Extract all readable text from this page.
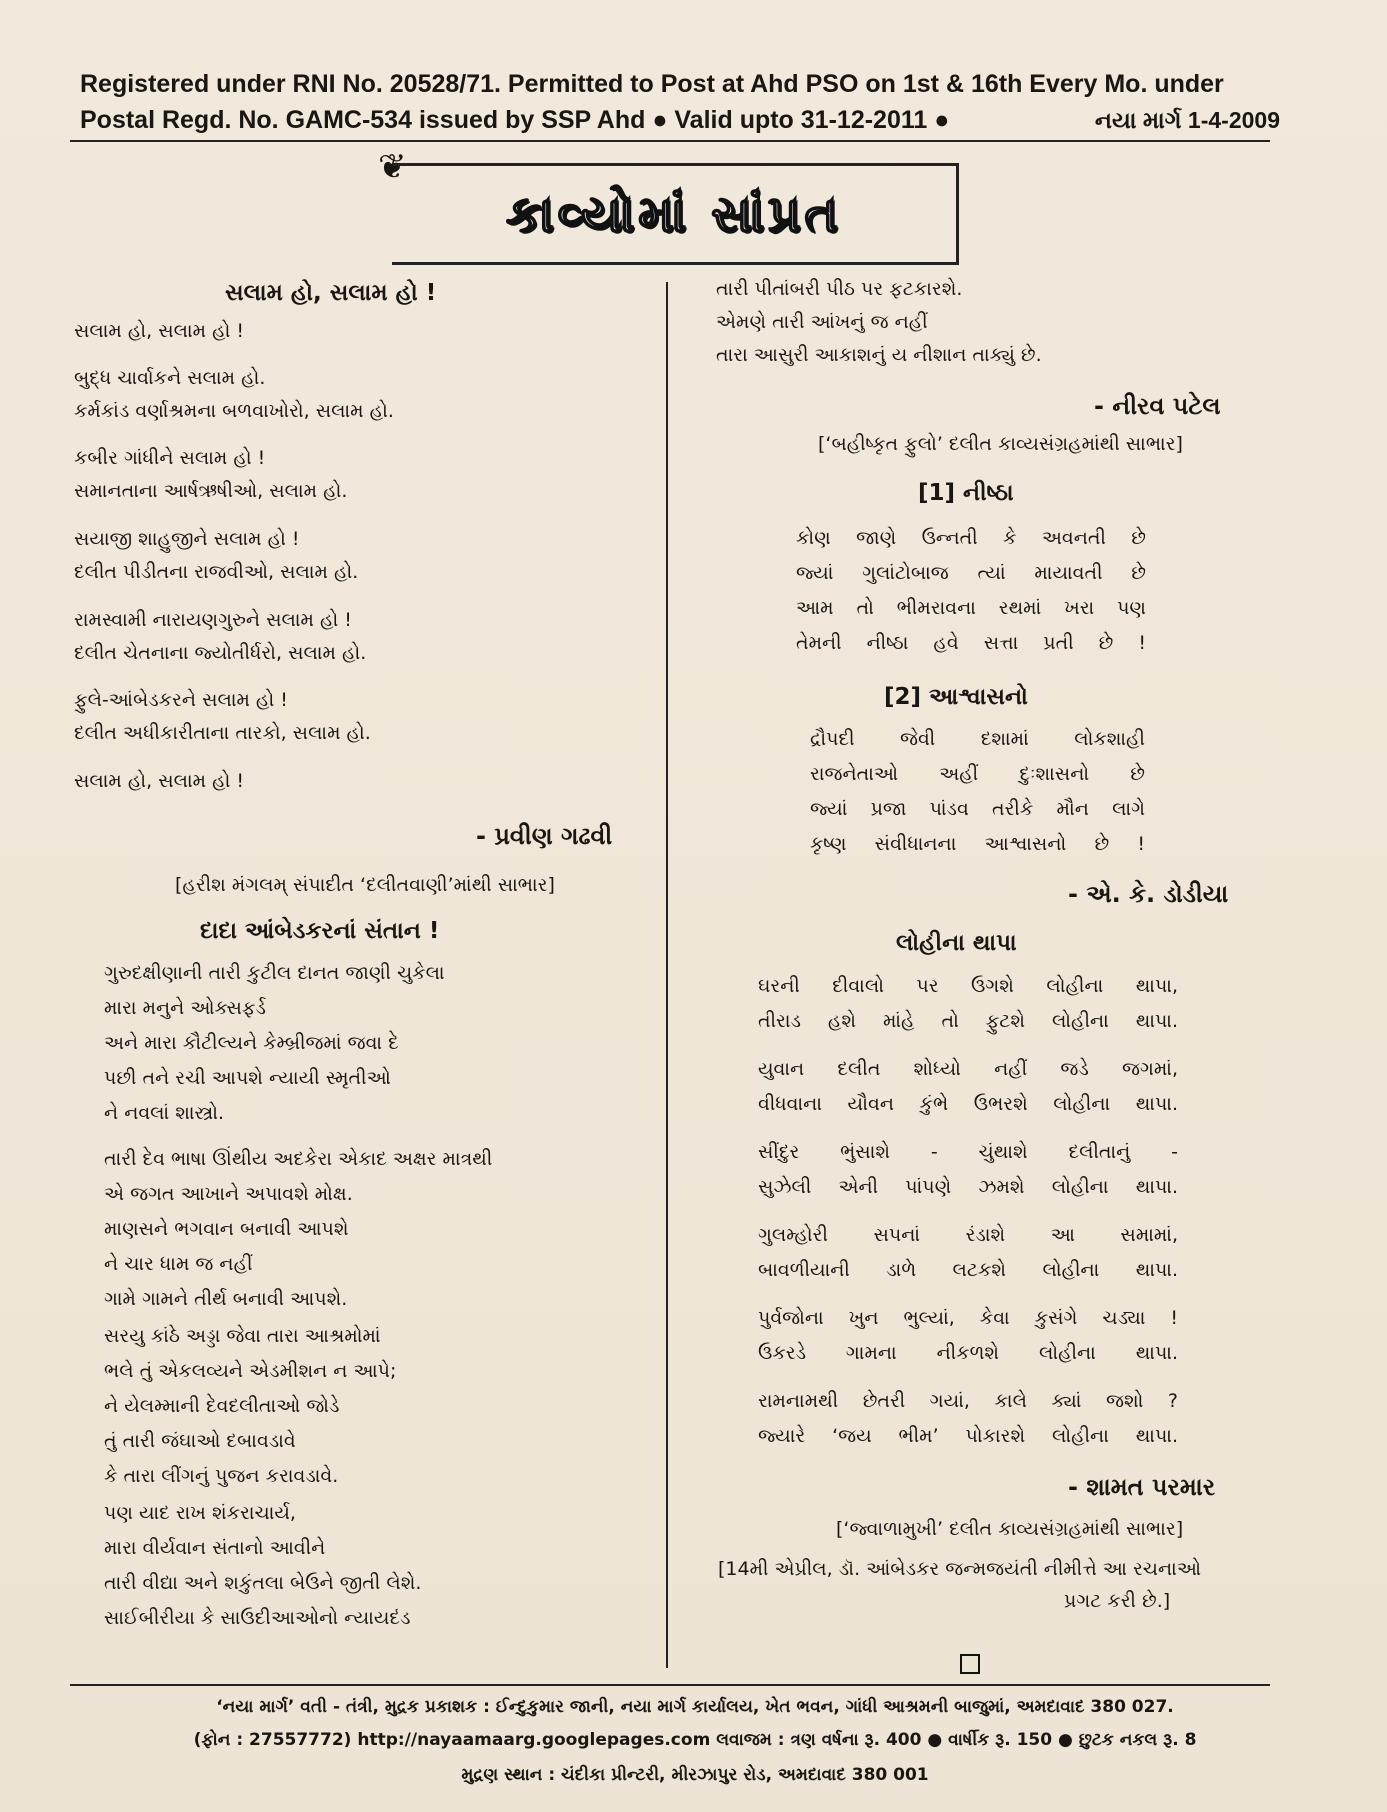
Registered under RNI No. 20528/71. Permitted to Post at Ahd PSO on 1st & 16th Every Mo. under
Postal Regd. No. GAMC-534 issued by SSP Ahd ● Valid upto 31-12-2011 ●	નયા માર્ગ 1-4-2009
❦
કાવ્યોમાં સાંપ્રત
સલામ હો, સલામ હો !
સલામ હો, સલામ હો !
બુદ્ધ ચાર્વાકને સલામ હો.
કર્મકાંડ વર્ણાશ્રમના બળવાખોરો, સલામ હો.
કબીર ગાંધીને સલામ હો !
સમાનતાના આર્ષઋષીઓ, સલામ હો.
સયાજી શાહુજીને સલામ હો !
દલીત પીડીતના રાજવીઓ, સલામ હો.
રામસ્વામી નારાયણગુરુને સલામ હો !
દલીત ચેતનાના જ્યોતીર્ધરો, સલામ હો.
ફુલે-આંબેડકરને સલામ હો !
દલીત અધીકારીતાના તારકો, સલામ હો.
સલામ હો, સલામ હો !
- પ્રવીણ ગઢવી
[હરીશ મંગલમ્ સંપાદીત ‘દલીતવાણી’માંથી સાભાર]
દાદા આંબેડકરનાં સંતાન !
ગુરુદક્ષીણાની તારી કુટીલ દાનત જાણી ચુકેલા
મારા મનુને ઓક્સફર્ડ
અને મારા કૌટીલ્યને કેમ્બ્રીજમાં જવા દે
પછી તને રચી આપશે ન્યાયી સ્મૃતીઓ
ને નવલાં શાસ્ત્રો.
તારી દેવ ભાષા ઊંથીય અદકેરા એકાદ અક્ષર માત્રથી
એ જગત આખાને અપાવશે મોક્ષ.
માણસને ભગવાન બનાવી આપશે
ને ચાર ધામ જ નહીં
ગામે ગામને તીર્થ બનાવી આપશે.
સરયુ કાંઠે અડ્ડા જેવા તારા આશ્રમોમાં
ભલે તું એકલવ્યને એડમીશન ન આપે;
ને યેલમ્માની દેવદલીતાઓ જોડે
તું તારી જંઘાઓ દબાવડાવે
કે તારા લીંગનું પુજન કરાવડાવે.
પણ યાદ રાખ શંકરાચાર્ય,
મારા વીર્યવાન સંતાનો આવીને
તારી વીદ્યા અને શકુંતલા બેઉને જીતી લેશે.
સાઈબીરીયા કે સાઉદીઆઓનો ન્યાયદંડ
તારી પીતાંબરી પીઠ પર ફટકારશે.
એમણે તારી આંખનું જ નહીં
તારા આસુરી આકાશનું ય નીશાન તાક્યું છે.
- નીરવ પટેલ
[‘બહીષ્કૃત ફુલો’ દલીત કાવ્યસંગ્રહમાંથી સાભાર]
[1] નીષ્ઠા
કોણ જાણે ઉન્નતી કે અવનતી છે
જ્યાં ગુલાંટોબાજ ત્યાં માયાવતી છે
આમ તો ભીમરાવના રથમાં ખરા પણ
તેમની નીષ્ઠા હવે સત્તા પ્રતી છે !
[2] આશ્વાસનો
દ્રૌપદી જેવી દશામાં લોકશાહી
રાજનેતાઓ અહીં દુઃશાસનો છે
જ્યાં પ્રજા પાંડવ તરીકે મૌન લાગે
કૃષ્ણ સંવીધાનના આશ્વાસનો છે !
- એ. કે. ડોડીયા
લોહીના થાપા
ઘરની દીવાલો પર ઉગશે લોહીના થાપા,
તીરાડ હશે માંહે તો ફુટશે લોહીના થાપા.
યુવાન દલીત શોધ્યો નહીં જડે જગમાં,
વીધવાના યૌવન કુંભે ઉભરશે લોહીના થાપા.
સીંદુર ભુંસાશે - ચુંથાશે દલીતાનું -
સુઝેલી એની પાંપણે ઝમશે લોહીના થાપા.
ગુલમ્હોરી સપનાં રંડાશે આ સમામાં,
બાવળીયાની ડાળે લટકશે લોહીના થાપા.
પુર્વજોના ખુન ભુલ્યાં, કેવા કુસંગે ચડ્યા !
ઉકરડે ગામના નીકળશે લોહીના થાપા.
રામનામથી છેતરી ગયાં, કાલે ક્યાં જશો ?
જ્યારે ‘જય ભીમ’ પોકારશે લોહીના થાપા.
- શામત પરમાર
[‘જ્વાળામુખી’ દલીત કાવ્યસંગ્રહમાંથી સાભાર]
[14મી એપ્રીલ, ડૉ. આંબેડકર જન્મજયંતી નીમીત્તે આ રચનાઓ
પ્રગટ કરી છે.]
‘નયા માર્ગ’ વતી - તંત્રી, મુદ્રક પ્રકાશક : ઈન્દુકુમાર જાની, નયા માર્ગ કાર્યાલય, ખેત ભવન, ગાંધી આશ્રમની બાજુમાં, અમદાવાદ 380 027.
(ફોન : 27557772) http://nayaamaarg.googlepages.com લવાજમ : ત્રણ વર્ષના રૂ. 400 ● વાર્ષીક રૂ. 150 ● છુટક નકલ રૂ. 8
મુદ્રણ સ્થાન : ચંદીકા પ્રીન્ટરી, મીરઝાપુર રોડ, અમદાવાદ 380 001
